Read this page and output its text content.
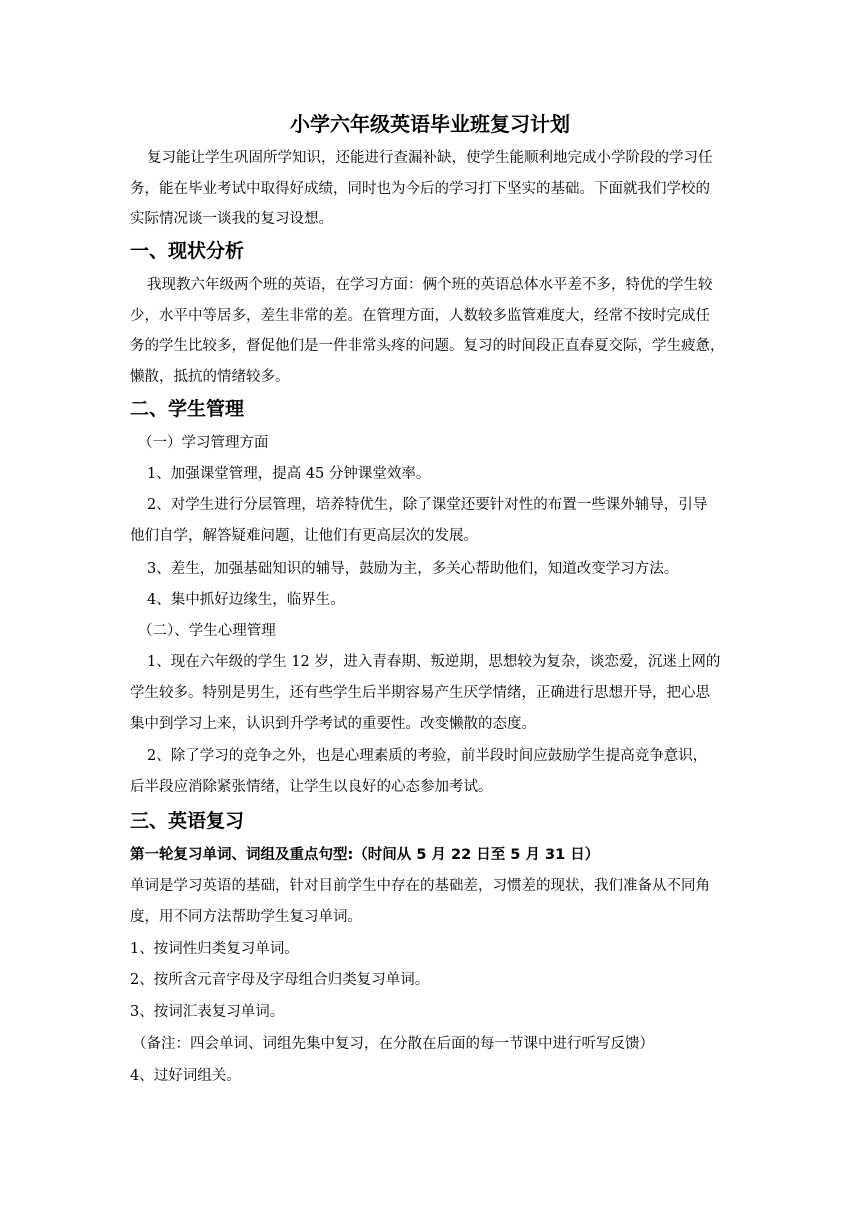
小学六年级英语毕业班复习计划

复习能让学生巩固所学知识，还能进行查漏补缺，使学生能顺利地完成小学阶段的学习任

务，能在毕业考试中取得好成绩，同时也为今后的学习打下坚实的基础。下面就我们学校的

实际情况谈一谈我的复习设想。

一、现状分析

我现教六年级两个班的英语，在学习方面：俩个班的英语总体水平差不多，特优的学生较

少，水平中等居多，差生非常的差。在管理方面，人数较多监管难度大，经常不按时完成任

务的学生比较多，督促他们是一件非常头疼的问题。复习的时间段正直春夏交际，学生疲惫，

懒散，抵抗的情绪较多。

二、学生管理

（一）学习管理方面

1、加强课堂管理，提高 45 分钟课堂效率。

2、对学生进行分层管理，培养特优生，除了课堂还要针对性的布置一些课外辅导，引导

他们自学，解答疑难问题，让他们有更高层次的发展。

3、差生，加强基础知识的辅导，鼓励为主，多关心帮助他们，知道改变学习方法。

4、集中抓好边缘生，临界生。

（二）、学生心理管理

1、现在六年级的学生 12 岁，进入青春期、叛逆期，思想较为复杂，谈恋爱，沉迷上网的

学生较多。特别是男生，还有些学生后半期容易产生厌学情绪，正确进行思想开导，把心思

集中到学习上来，认识到升学考试的重要性。改变懒散的态度。

2、除了学习的竞争之外，也是心理素质的考验，前半段时间应鼓励学生提高竞争意识，

后半段应消除紧张情绪，让学生以良好的心态参加考试。

三、英语复习

第一轮复习单词、词组及重点句型:（时间从 5 月 22 日至 5 月 31 日）

单词是学习英语的基础，针对目前学生中存在的基础差，习惯差的现状，我们准备从不同角

度，用不同方法帮助学生复习单词。

1、按词性归类复习单词。

2、按所含元音字母及字母组合归类复习单词。

3、按词汇表复习单词。

（备注：四会单词、词组先集中复习，在分散在后面的每一节课中进行听写反馈）

4、过好词组关。
